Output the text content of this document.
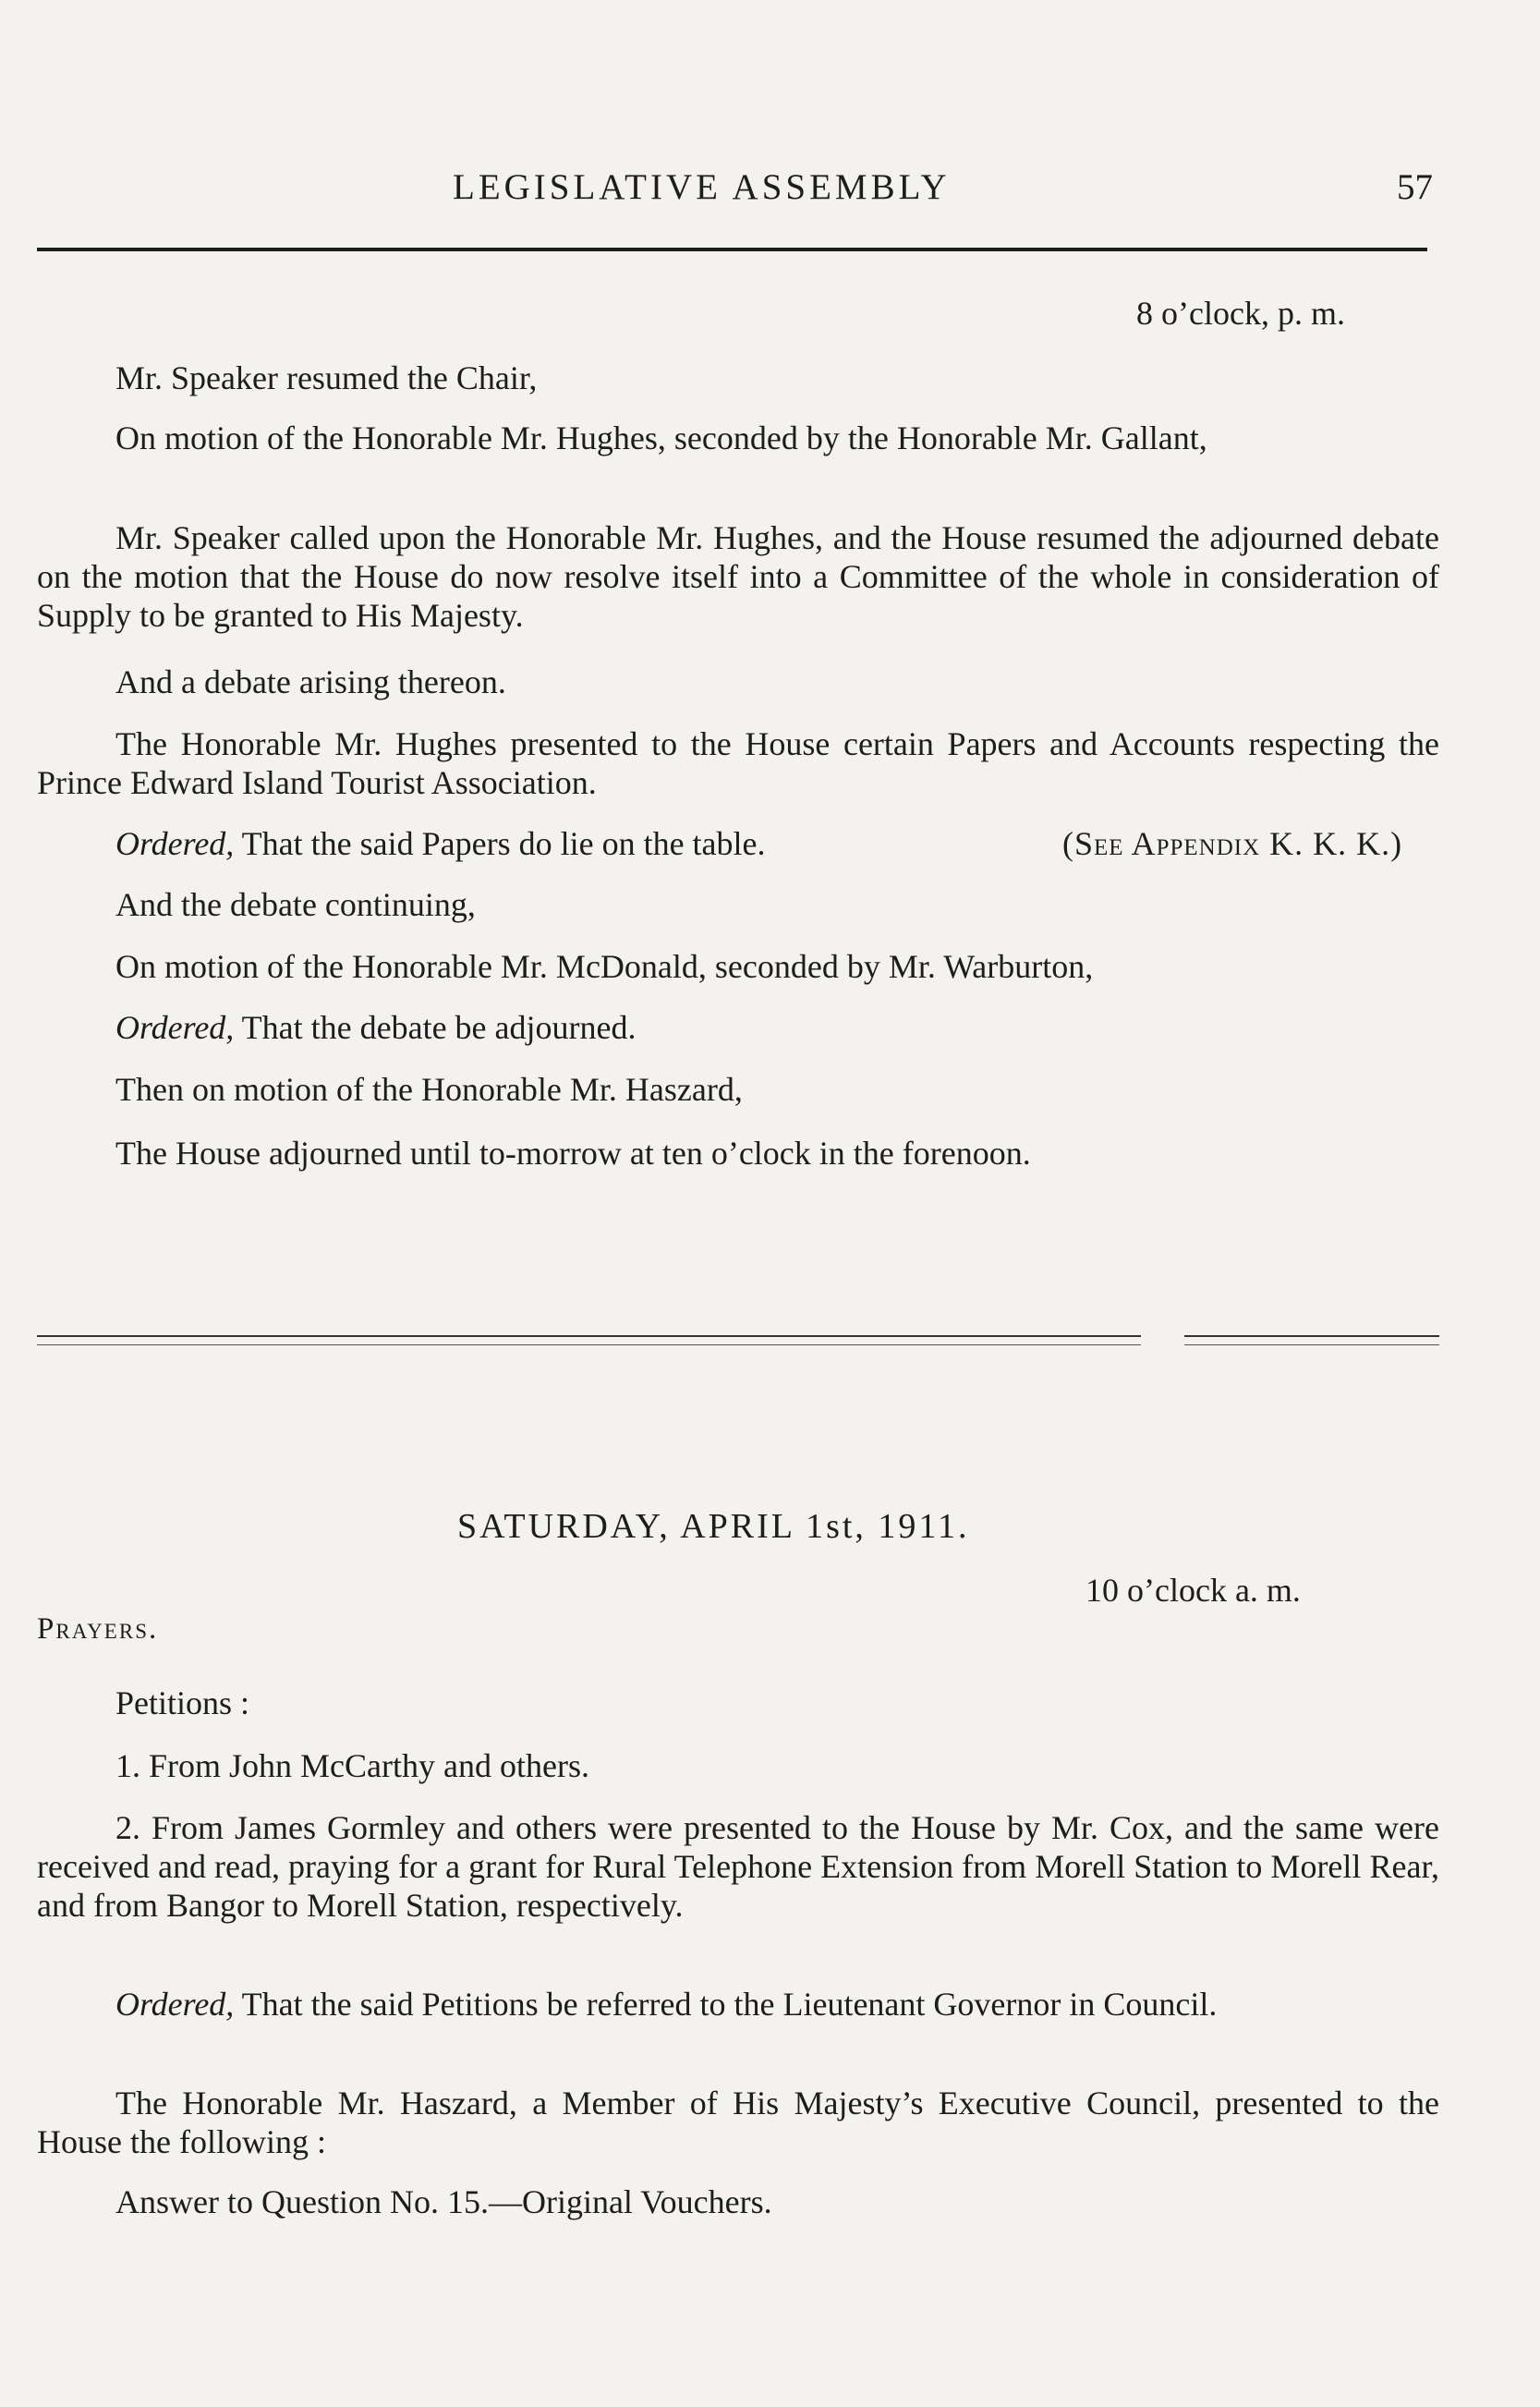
LEGISLATIVE ASSEMBLY	57
8 o’clock, p. m.
Mr. Speaker resumed the Chair,
On motion of the Honorable Mr. Hughes, seconded by the Honorable Mr. Gallant,
Mr. Speaker called upon the Honorable Mr. Hughes, and the House resumed the adjourned debate on the motion that the House do now resolve itself into a Committee of the whole in consideration of Supply to be granted to His Majesty.
And a debate arising thereon.
The Honorable Mr. Hughes presented to the House certain Papers and Accounts respecting the Prince Edward Island Tourist Association.
Ordered, That the said Papers do lie on the table.	(See Appendix K. K. K.)
And the debate continuing,
On motion of the Honorable Mr. McDonald, seconded by Mr. Warburton,
Ordered, That the debate be adjourned.
Then on motion of the Honorable Mr. Haszard,
The House adjourned until to-morrow at ten o’clock in the forenoon.
SATURDAY, APRIL 1st, 1911.
10 o’clock a. m.
Prayers.
Petitions :
1. From John McCarthy and others.
2. From James Gormley and others were presented to the House by Mr. Cox, and the same were received and read, praying for a grant for Rural Telephone Extension from Morell Station to Morell Rear, and from Bangor to Morell Station, respectively.
Ordered, That the said Petitions be referred to the Lieutenant Governor in Council.
The Honorable Mr. Haszard, a Member of His Majesty’s Executive Council, presented to the House the following :
Answer to Question No. 15.—Original Vouchers.
